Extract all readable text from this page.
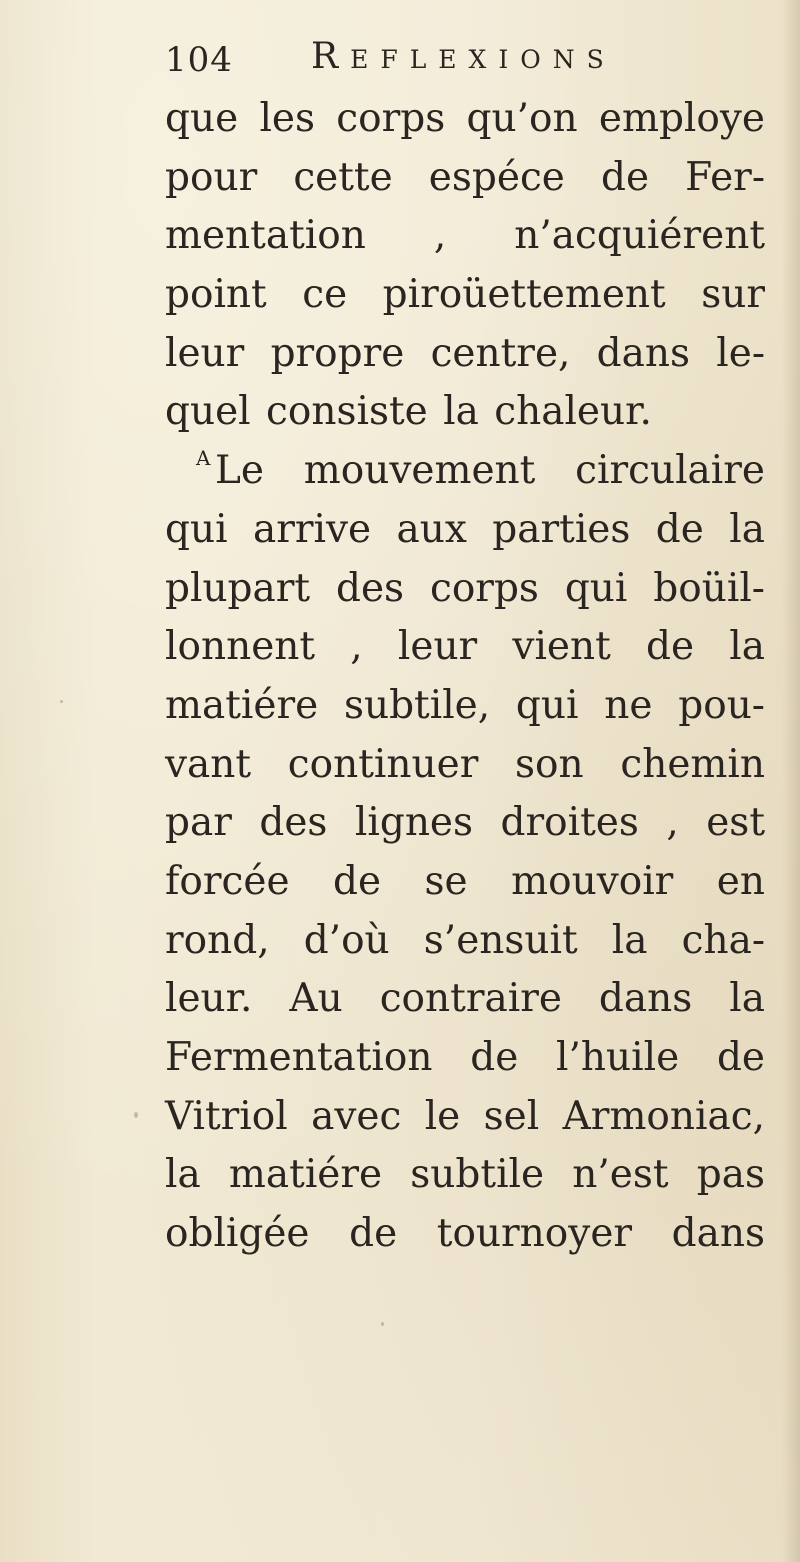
104 Reflexions
que les corps qu’on employe
pour cette espéce de Fer-
mentation , n’acquiérent
point ce piroüettement sur
leur propre centre, dans le-
quel consiste la chaleur.
Le mouvement circulaire
qui arrive aux parties de la
plupart des corps qui boüil-
lonnent , leur vient de la
matiére subtile, qui ne pou-
vant continuer son chemin
par des lignes droites , est
forcée de se mouvoir en
rond, d’où s’ensuit la cha-
leur. Au contraire dans la
Fermentation de l’huile de
Vitriol avec le sel Armoniac,
la matiére subtile n’est pas
obligée de tournoyer dans
A
